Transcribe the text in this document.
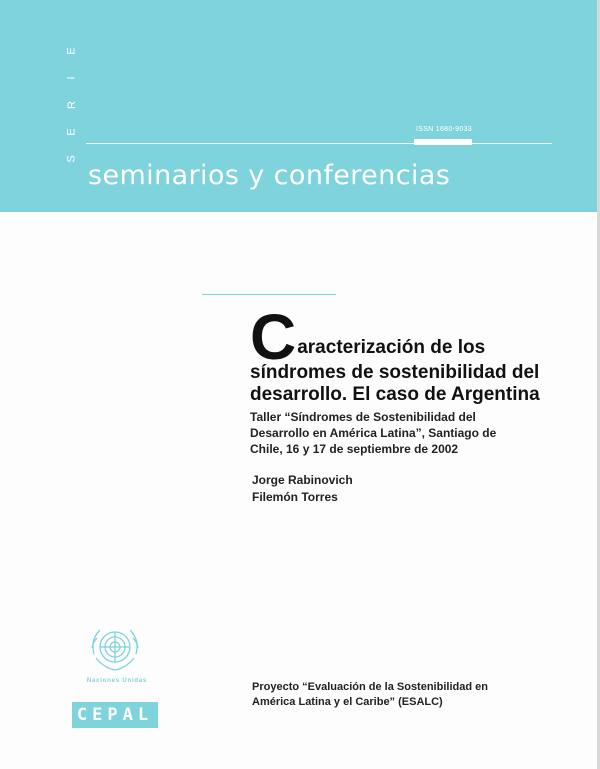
E
I
R
E
S
ISSN 1680-9033
seminarios y conferencias
Caracterización de los
síndromes de sostenibilidad del
desarrollo. El caso de Argentina
Taller “Síndromes de Sostenibilidad del
Desarrollo en América Latina”, Santiago de
Chile, 16 y 17 de septiembre de 2002
Jorge Rabinovich
Filemón Torres
Naciones Unidas
CEPAL
Proyecto “Evaluación de la Sostenibilidad en
América Latina y el Caribe” (ESALC)
